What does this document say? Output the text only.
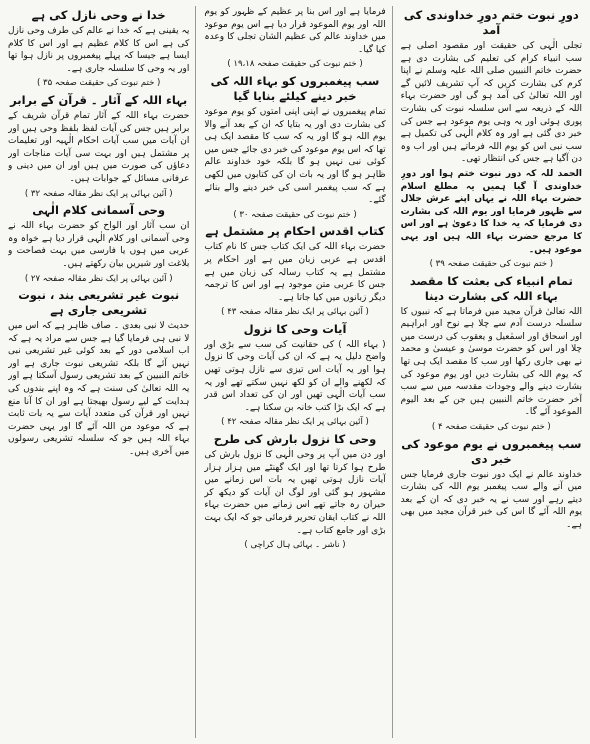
دورِ نبوت ختم دورِ خداوندی کی آمد
تجلی الٰہی کی حقیقت اور مقصود اصلی ہے سب انبیاء کرام کی تعلیم کی بشارت دی ہے حضرت خاتم النبیین صلی اللہ علیہ وسلم نے اپنا کرم کی بشارت کریں کہ آپ تشریف لائیں گے اور اللہ تعالیٰ کی آمد ہو گی اور حضرت بہاء اللہ کے ذریعہ سے اس سلسلہ نبوت کی بشارت پوری ہوئی اور یہ وہی یوم موعود ہے جس کی خبر دی گئی ہے اور وہ کلام الٰہی کی تکمیل ہے سب نبی اس کو یوم اللہ فرماتے ہیں اور اب وہ دن آگیا ہے جس کی انتظار تھی۔
الحمد للہ کہ دور نبوت ختم ہوا اور دورِ خداوندی آ گیا ہمیں یہ مطلع اسلام حضرت بہاء اللہ نے یہاں اپنے عرش جلال سے ظہور فرمایا اور یوم اللہ کی بشارت دی فرمایا کہ یہ خدا کا دعویٰ ہے اور اس کا مرجع حضرت بہاء اللہ ہیں اور یہی موعود ہیں۔
( ختم نبوت کی حقیقت صفحہ ۳۹ )
تمام انبیاء کی بعثت کا مقصد بہاء اللہ کی بشارت دینا
اللہ تعالیٰ قرآن مجید میں فرماتا ہے کہ نبیوں کا سلسلہ درست آدم سے چلا ہے نوح اور ابراہیم اور اسحاق اور اسمٰعیل و یعقوب کی درست میں چلا اور اس کو حضرت موسیٰ و عیسیٰ و محمد نے بھی جاری رکھا اور سب کا مقصد ایک ہی تھا کہ یوم اللہ کی بشارت دیں اور یوم موعود کی بشارت دینے والے وجودات مقدسہ میں سے سب آخر حضرت خاتم النبیین ہیں جن کے بعد الیوم الموعود آئے گا۔
( ختم نبوت کی حقیقت صفحہ ۴ )
سب پیغمبروں نے یوم موعود کی خبر دی
خداوند عالم نے ایک دور نبوت جاری فرمایا جس میں آنے والے سب پیغمبر یوم اللہ کی بشارت دیتے رہے اور سب نے یہ خبر دی کہ ان کے بعد یوم اللہ آئے گا اس کی خبر قرآن مجید میں بھی ہے۔
فرمایا ہے اور اس بنا پر عظیم کے ظہور کو یوم اللہ اور یوم الموعود قرار دیا ہے اس یوم موعود میں خداوند عالم کی عظیم الشان تجلی کا وعدہ کیا گیا۔
( ختم نبوت کی حقیقت صفحہ ۱۹،۱۸ )
سب پیغمبروں کو بہاء اللہ کی خبر دینے کیلئے بنایا گیا
تمام پیغمبروں نے اپنی اپنی امتوں کو یوم موعود کی بشارت دی اور یہ بتایا کہ ان کے بعد آنے والا یوم اللہ ہو گا اور یہ کہ سب کا مقصد ایک ہی تھا کہ اس یوم موعود کی خبر دی جائے جس میں کوئی نبی نہیں ہو گا بلکہ خود خداوند عالم ظاہر ہو گا اور یہ بات ان کی کتابوں میں لکھی ہے کہ سب پیغمبر اسی کی خبر دینے والے بنائے گئے۔
( ختم نبوت کی حقیقت صفحہ ۳۰ )
کتاب اقدس احکام پر مشتمل ہے
حضرت بہاء اللہ کی ایک کتاب جس کا نام کتاب اقدس ہے عربی زبان میں ہے اور احکام پر مشتمل ہے یہ کتاب رسالہ کی زبان میں ہے جس کا عربی متن موجود ہے اور اس کا ترجمہ دیگر زبانوں میں کیا جاتا ہے۔
( آئین بہائی پر ایک نظر مقالہ صفحہ ۴۳ )
آیات وحی کا نزول
( بہاء اللہ ) کی حقانیت کی سب سے بڑی اور واضح دلیل یہ ہے کہ ان کی آیات وحی کا نزول ہوا اور یہ آیات اس تیزی سے نازل ہوتی تھیں کہ لکھنے والے ان کو لکھ نہیں سکتے تھے اور یہ سب آیات الٰہی تھیں اور ان کی تعداد اس قدر ہے کہ ایک بڑا کتب خانہ بن سکتا ہے۔
( آئین بہائی پر ایک نظر مقالہ صفحہ ۴۲ )
وحی کا نزول بارش کی طرح
اور دن میں آپ پر وحی الٰہی کا نزول بارش کی طرح ہوا کرتا تھا اور ایک گھنٹے میں ہزار ہزار آیات نازل ہوتی تھیں یہ بات اس زمانے میں مشہور ہو گئی اور لوگ ان آیات کو دیکھ کر حیران رہ جاتے تھے اس زمانے میں حضرت بہاء اللہ نے کتاب ایقان تحریر فرمائی جو کہ ایک بہت بڑی اور جامع کتاب ہے۔
( ناشر ۔ بہائی ہال کراچی )
خدا نے وحی نازل کی ہے
یہ یقینی ہے کہ خدا نے عالم کی طرف وحی نازل کی ہے اس کا کلام عظیم ہے اور اس کا کلام ایسا ہے جیسا کہ پہلے پیغمبروں پر نازل ہوا تھا اور یہ وحی کا سلسلہ جاری ہے۔
( ختم نبوت کی حقیقت صفحہ ۳۵ )
بہاء اللہ کے آثار ۔ قرآن کے برابر
حضرت بہاء اللہ کے آثار تمام قرآن شریف کے برابر ہیں جس کی آیات لفظ بلفظ وحی ہیں اور ان آیات میں سب آیات احکام الٰہیہ اور تعلیمات پر مشتمل ہیں اور بہت سی آیات مناجات اور دعاؤں کی صورت میں ہیں اور ان میں دینی و عرفانی مسائل کے جوابات ہیں۔
( آئین بہائی پر ایک نظر مقالہ صفحہ ۳۲ )
وحی آسمانی کلام الٰہی
ان سب آثار اور الواح کو حضرت بہاء اللہ نے وحی آسمانی اور کلام الٰہی قرار دیا ہے خواہ وہ عربی میں ہوں یا فارسی میں بہت فصاحت و بلاغت اور شیریں بیان رکھتے ہیں۔
( آئین بہائی پر ایک نظر مقالہ صفحہ ۲۷ )
نبوت غیر تشریعی بند ، نبوت تشریعی جاری ہے
حدیث لا نبی بعدی ۔ صاف ظاہر ہے کہ اس میں لا نبی ہی فرمایا گیا ہے جس سے مراد یہ ہے کہ اب اسلامی دور کے بعد کوئی غیر تشریعی نبی نہیں آئے گا بلکہ تشریعی نبوت جاری ہے اور خاتم النبیین کے بعد تشریعی رسول آسکتا ہے اور یہ اللہ تعالیٰ کی سنت ہے کہ وہ اپنے بندوں کی ہدایت کے لیے رسول بھیجتا ہے اور ان کا آنا منع نہیں اور قرآن کی متعدد آیات سے یہ بات ثابت ہے کہ موعود من اللہ آئے گا اور یہی حضرت بہاء اللہ ہیں جو کہ سلسلہ تشریعی رسولوں میں آخری ہیں۔
